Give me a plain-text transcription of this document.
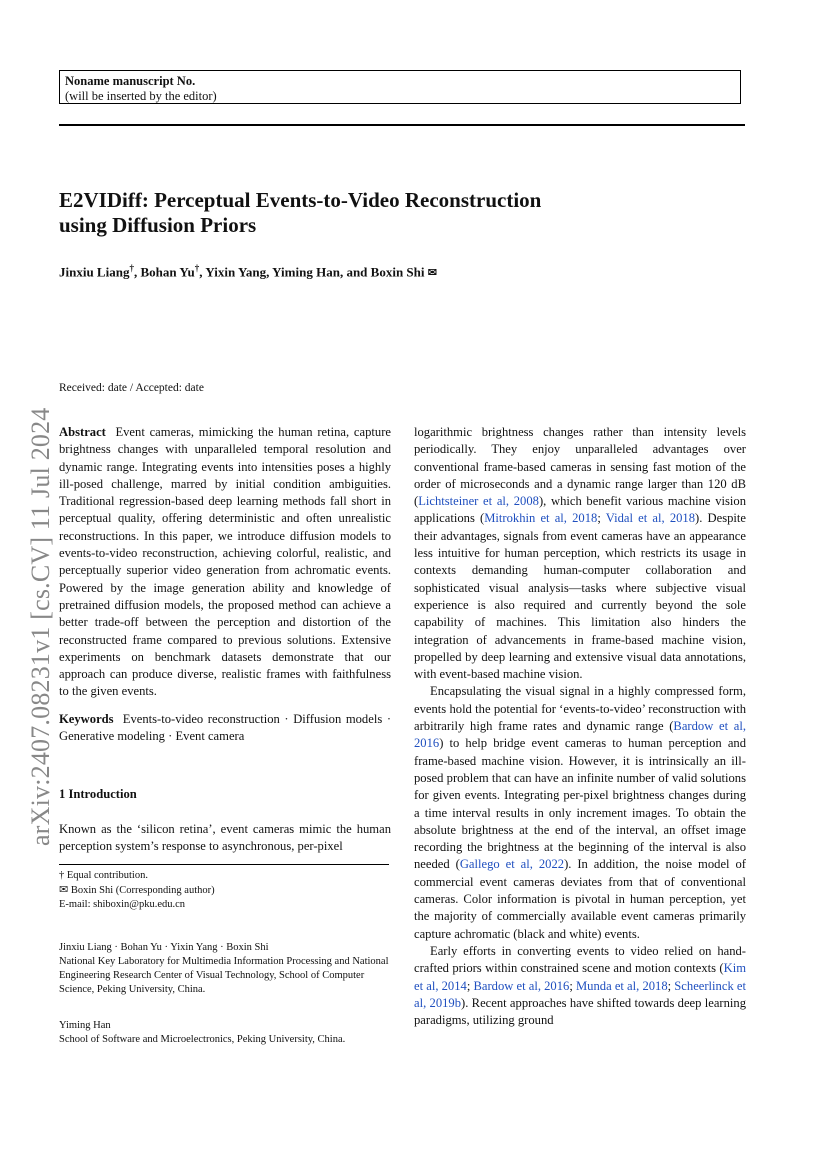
Noname manuscript No.
(will be inserted by the editor)
E2VIDiff: Perceptual Events-to-Video Reconstruction
using Diffusion Priors
Jinxiu Liang†, Bohan Yu†, Yixin Yang, Yiming Han, and Boxin Shi ✉
Received: date / Accepted: date
arXiv:2407.08231v1 [cs.CV] 11 Jul 2024 Abstract Event cameras, mimicking the human retina, capture brightness changes with unparalleled temporal resolution and dynamic range. Integrating events into intensities poses a highly ill-posed challenge, marred by initial condition ambiguities. Traditional regression-based deep learning methods fall short in perceptual quality, offering deterministic and often unrealistic reconstructions. In this paper, we introduce diffusion models to events-to-video reconstruction, achieving colorful, realistic, and perceptually superior video generation from achromatic events. Powered by the image generation ability and knowledge of pretrained diffusion models, the proposed method can achieve a better trade-off between the perception and distortion of the reconstructed frame compared to previous solutions. Extensive experiments on benchmark datasets demonstrate that our approach can produce diverse, realistic frames with faithfulness to the given events.

Keywords Events-to-video reconstruction · Diffusion models · Generative modeling · Event camera

1 Introduction
Known as the ‘silicon retina’, event cameras mimic the human perception system’s response to asynchronous, per-pixel
† Equal contribution.
✉ Boxin Shi (Corresponding author)
E-mail: shiboxin@pku.edu.cn
Jinxiu Liang · Bohan Yu · Yixin Yang · Boxin Shi
National Key Laboratory for Multimedia Information Processing and National Engineering Research Center of Visual Technology, School of Computer Science, Peking University, China.
Yiming Han
School of Software and Microelectronics, Peking University, China.

logarithmic brightness changes rather than intensity levels periodically. They enjoy unparalleled advantages over conventional frame-based cameras in sensing fast motion of the order of microseconds and a dynamic range larger than 120 dB (Lichtsteiner et al, 2008), which benefit various machine vision applications (Mitrokhin et al, 2018; Vidal et al, 2018). Despite their advantages, signals from event cameras have an appearance less intuitive for human perception, which restricts its usage in contexts demanding human-computer collaboration and sophisticated visual analysis—tasks where subjective visual experience is also required and currently beyond the sole capability of machines. This limitation also hinders the integration of advancements in frame-based machine vision, propelled by deep learning and extensive visual data annotations, with event-based machine vision.

Encapsulating the visual signal in a highly compressed form, events hold the potential for ‘events-to-video’ reconstruction with arbitrarily high frame rates and dynamic range (Bardow et al, 2016) to help bridge event cameras to human perception and frame-based machine vision. However, it is intrinsically an ill-posed problem that can have an infinite number of valid solutions for given events. Integrating per-pixel brightness changes during a time interval results in only increment images. To obtain the absolute brightness at the end of the interval, an offset image recording the brightness at the beginning of the interval is also needed (Gallego et al, 2022). In addition, the noise model of commercial event cameras deviates from that of conventional cameras. Color information is pivotal in human perception, yet the majority of commercially available event cameras primarily capture achromatic (black and white) events.

Early efforts in converting events to video relied on hand-crafted priors within constrained scene and motion contexts (Kim et al, 2014; Bardow et al, 2016; Munda et al, 2018; Scheerlinck et al, 2019b). Recent approaches have shifted towards deep learning paradigms, utilizing ground
